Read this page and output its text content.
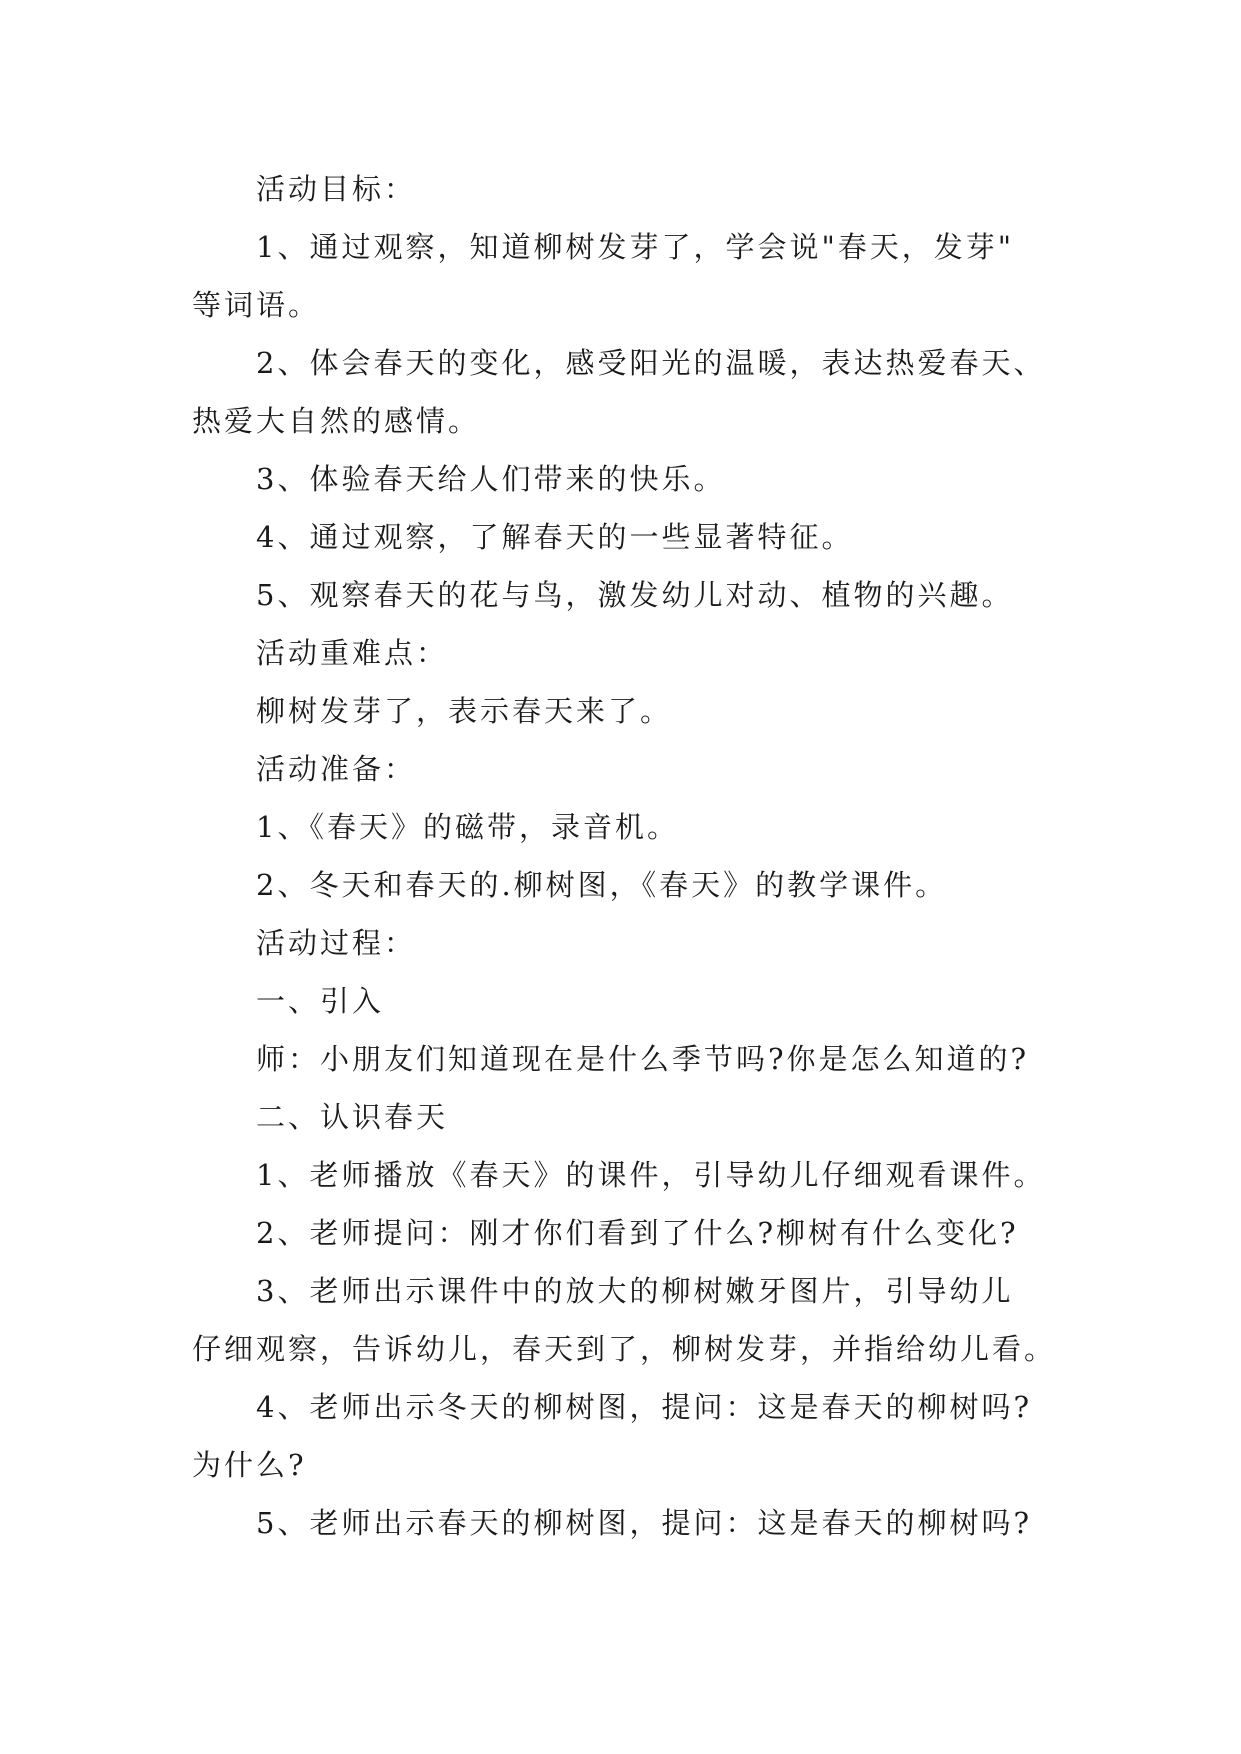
活动目标：
1、通过观察，知道柳树发芽了，学会说"春天，发芽"
等词语。
2、体会春天的变化，感受阳光的温暖，表达热爱春天、
热爱大自然的感情。
3、体验春天给人们带来的快乐。
4、通过观察，了解春天的一些显著特征。
5、观察春天的花与鸟，激发幼儿对动、植物的兴趣。
活动重难点：
柳树发芽了，表示春天来了。
活动准备：
1、《春天》的磁带，录音机。
2、冬天和春天的.柳树图，《春天》的教学课件。
活动过程：
一、引入
师：小朋友们知道现在是什么季节吗?你是怎么知道的?
二、认识春天
1、老师播放《春天》的课件，引导幼儿仔细观看课件。
2、老师提问：刚才你们看到了什么?柳树有什么变化?
3、老师出示课件中的放大的柳树嫩牙图片，引导幼儿
仔细观察，告诉幼儿，春天到了，柳树发芽，并指给幼儿看。
4、老师出示冬天的柳树图，提问：这是春天的柳树吗?
为什么?
5、老师出示春天的柳树图，提问：这是春天的柳树吗?
